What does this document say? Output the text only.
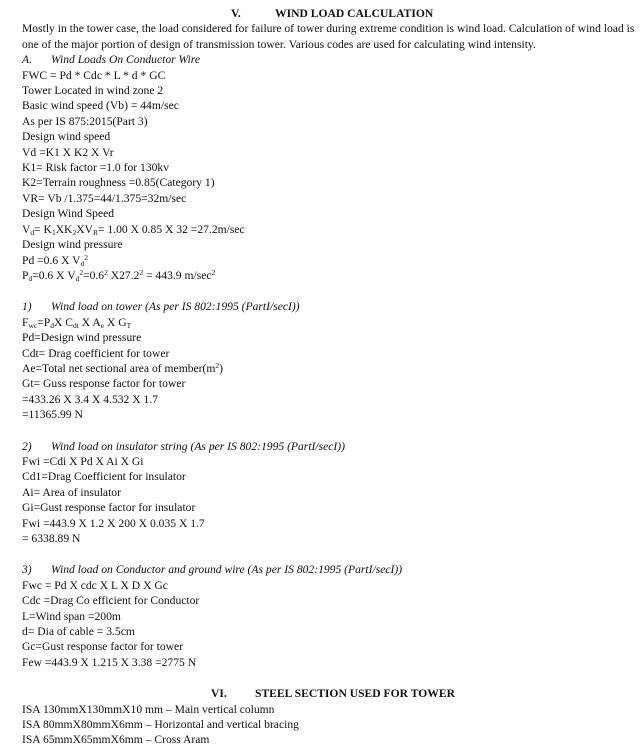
V.	WIND LOAD CALCULATION
Mostly in the tower case, the load considered for failure of tower during extreme condition is wind load. Calculation of wind load is
one of the major portion of design of transmission tower. Various codes are used for calculating wind intensity.
A. Wind Loads On Conductor Wire
FWC = Pd * Cdc * L * d * GC
Tower Located in wind zone 2
Basic wind speed (Vb) = 44m/sec
As per IS 875:2015(Part 3)
Design wind speed
Vd =K1 X K2 X Vr
K1= Risk factor =1.0 for 130kv
K2=Terrain roughness =0.85(Category 1)
VR= Vb /1.375=44/1.375=32m/sec
Design Wind Speed
$V_d= K_1XK_2XV_R= 1.00$ X 0.85 X 32 =27.2m/sec
Design wind pressure
Pd =0.6 X $V_d^2$
$P_d=0.6$ X $V_d^2=0.6^2$ $X27.2^2 = 443.9$ $m/\sec^2$
1) Wind load on tower (As per IS 802:1995 (PartI/secI))
$F_{wc}=P_dX$ $C_{dt}$ X $A_e$ X $G_T$
Pd=Design wind pressure
Cdt= Drag coefficient for tower
Ae=Total net sectional area of $member(m^2)$
Gt= Guss response factor for tower
=433.26 X 3.4 X 4.532 X 1.7
=11365.99 N
2) Wind load on insulator string (As per IS 802:1995 (PartI/secI))
Fwi =Cdi X Pd X Ai X Gi
Cd1=Drag Coefficient for insulator
Ai= Area of insulator
Gi=Gust response factor for insulator
Fwi =443.9 X 1.2 X 200 X 0.035 X 1.7
= 6338.89 N
3) Wind load on Conductor and ground wire (As per IS 802:1995 (PartI/secI))
Fwc = Pd X cdc X L X D X Gc
Cdc =Drag Co efficient for Conductor
L=Wind span =200m
d= Dia of cable = 3.5cm
Gc=Gust response factor for tower
Few =443.9 X 1.215 X 3.38 =2775 N
VI. STEEL SECTION USED FOR TOWER
ISA 130mmX130mmX10 mm – Main vertical column
ISA 80mmX80mmX6mm – Horizontal and vertical bracing
ISA 65mmX65mmX6mm – Cross Aram
